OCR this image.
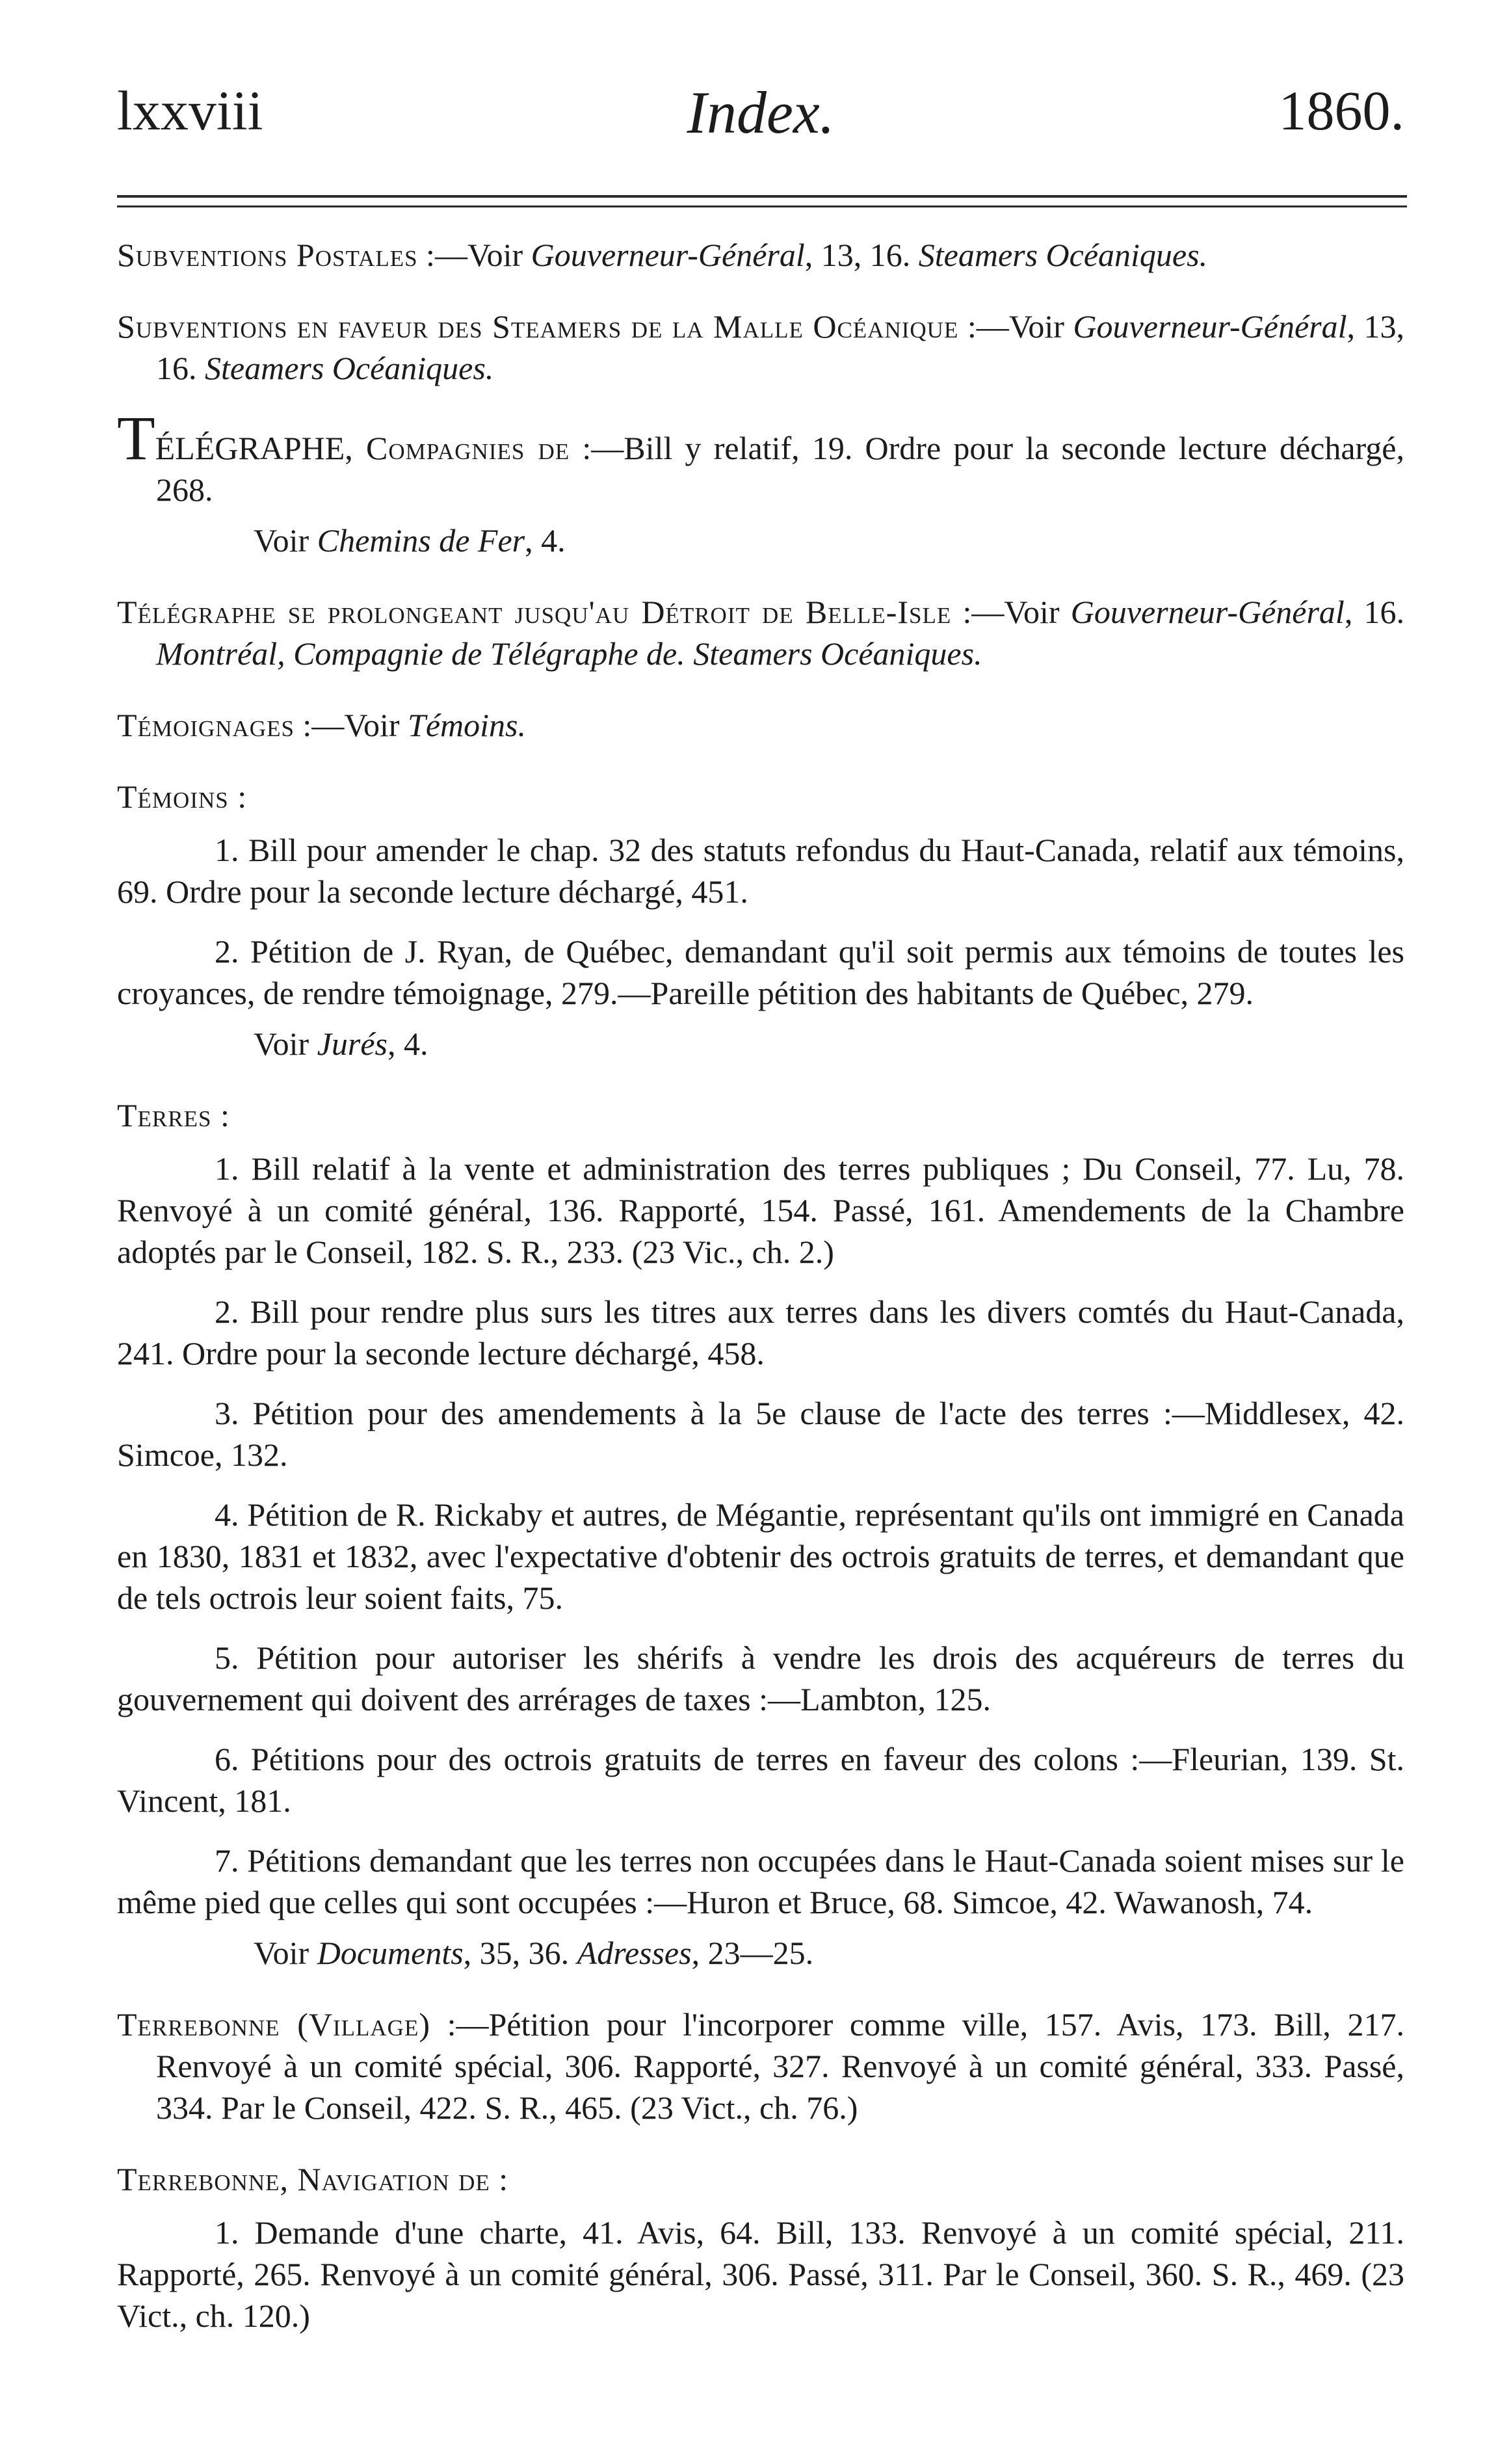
lxxviii	Index.	1860.

Subventions Postales :—Voir Gouverneur-Général, 13, 16. Steamers Océaniques.

Subventions en faveur des Steamers de la Malle Océanique :—Voir Gouverneur-Général, 13, 16. Steamers Océaniques.

TÉLÉGRAPHE, Compagnies de :—Bill y relatif, 19. Ordre pour la seconde lecture déchargé, 268.
Voir Chemins de Fer, 4.

Télégraphe se prolongeant jusqu'au Détroit de Belle-Isle :—Voir Gouverneur-Général, 16. Montréal, Compagnie de Télégraphe de. Steamers Océaniques.

Témoignages :—Voir Témoins.

Témoins :

1. Bill pour amender le chap. 32 des statuts refondus du Haut-Canada, relatif aux témoins, 69. Ordre pour la seconde lecture déchargé, 451.

2. Pétition de J. Ryan, de Québec, demandant qu'il soit permis aux témoins de toutes les croyances, de rendre témoignage, 279.—Pareille pétition des habitants de Québec, 279.

Voir Jurés, 4.

Terres :

1. Bill relatif à la vente et administration des terres publiques ; Du Conseil, 77. Lu, 78. Renvoyé à un comité général, 136. Rapporté, 154. Passé, 161. Amendements de la Chambre adoptés par le Conseil, 182. S. R., 233. (23 Vic., ch. 2.)

2. Bill pour rendre plus surs les titres aux terres dans les divers comtés du Haut-Canada, 241. Ordre pour la seconde lecture déchargé, 458.

3. Pétition pour des amendements à la 5e clause de l'acte des terres :—Middlesex, 42. Simcoe, 132.

4. Pétition de R. Rickaby et autres, de Mégantie, représentant qu'ils ont immigré en Canada en 1830, 1831 et 1832, avec l'expectative d'obtenir des octrois gratuits de terres, et demandant que de tels octrois leur soient faits, 75.

5. Pétition pour autoriser les shérifs à vendre les drois des acquéreurs de terres du gouvernement qui doivent des arrérages de taxes :—Lambton, 125.

6. Pétitions pour des octrois gratuits de terres en faveur des colons :—Fleurian, 139. St. Vincent, 181.

7. Pétitions demandant que les terres non occupées dans le Haut-Canada soient mises sur le même pied que celles qui sont occupées :—Huron et Bruce, 68. Simcoe, 42. Wawanosh, 74.

Voir Documents, 35, 36. Adresses, 23—25.

Terrebonne (Village) :—Pétition pour l'incorporer comme ville, 157. Avis, 173. Bill, 217. Renvoyé à un comité spécial, 306. Rapporté, 327. Renvoyé à un comité général, 333. Passé, 334. Par le Conseil, 422. S. R., 465. (23 Vict., ch. 76.)

Terrebonne, Navigation de :

1. Demande d'une charte, 41. Avis, 64. Bill, 133. Renvoyé à un comité spécial, 211. Rapporté, 265. Renvoyé à un comité général, 306. Passé, 311. Par le Conseil, 360. S. R., 469. (23 Vict., ch. 120.)
